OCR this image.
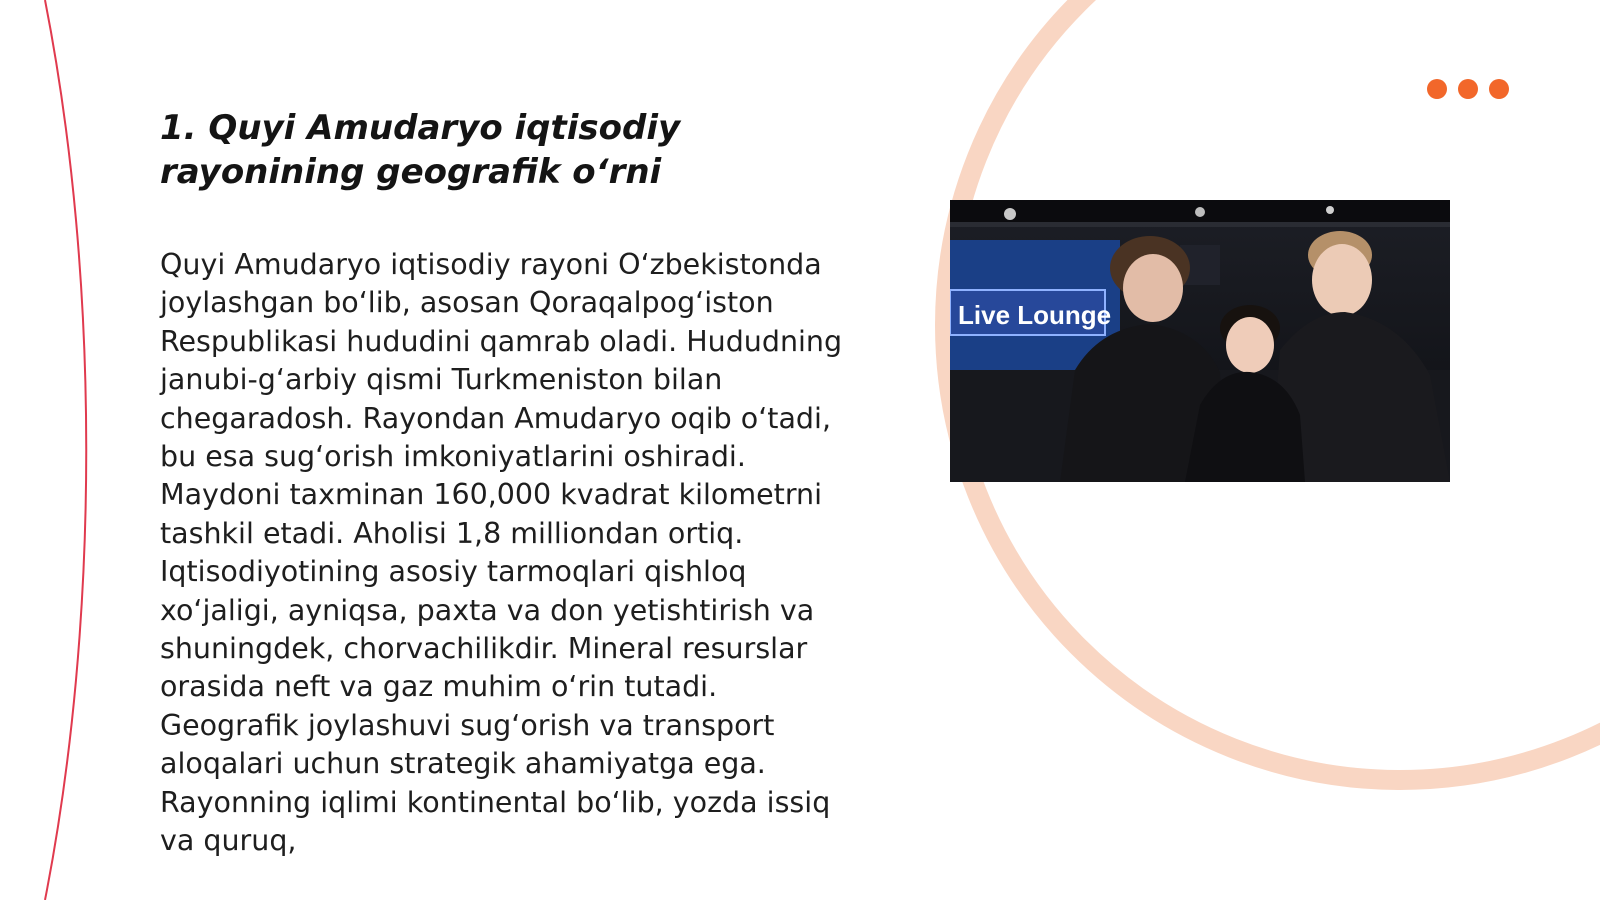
1. Quyi Amudaryo iqtisodiy rayonining geografik o‘rni

Quyi Amudaryo iqtisodiy rayoni O‘zbekistonda joylashgan bo‘lib, asosan Qoraqalpog‘iston Respublikasi hududini qamrab oladi. Hududning janubi-g‘arbiy qismi Turkmeniston bilan chegaradosh. Rayondan Amudaryo oqib o‘tadi, bu esa sug‘orish imkoniyatlarini oshiradi. Maydoni taxminan 160,000 kvadrat kilometrni tashkil etadi. Aholisi 1,8 milliondan ortiq. Iqtisodiyotining asosiy tarmoqlari qishloq xo‘jaligi, ayniqsa, paxta va don yetishtirish va shuningdek, chorvachilikdir. Mineral resurslar orasida neft va gaz muhim o‘rin tutadi. Geografik joylashuvi sug‘orish va transport aloqalari uchun strategik ahamiyatga ega. Rayonning iqlimi kontinental bo‘lib, yozda issiq va quruq,

Live Lounge
